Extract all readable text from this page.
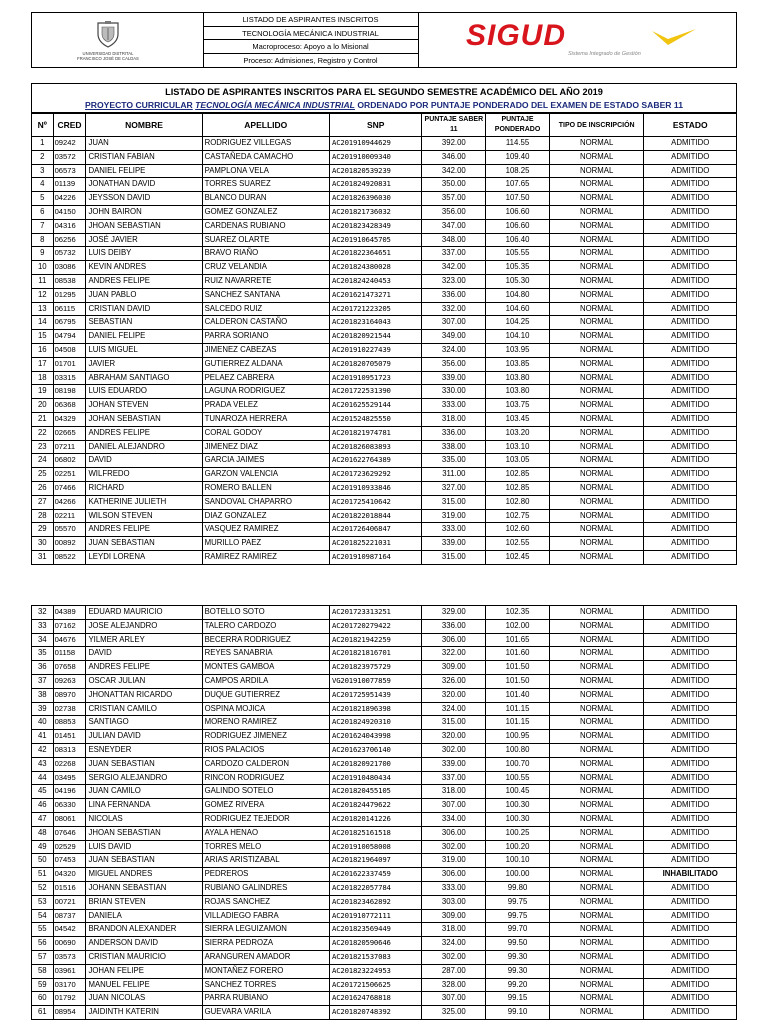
UNIVERSIDAD DISTRITAL FRANCISCO JOSÉ DE CALDAS
LISTADO DE ASPIRANTES INSCRITOS
TECNOLOGÍA MECÁNICA INDUSTRIAL
Macroproceso: Apoyo a lo Misional
Proceso: Admisiones, Registro y Control
SIGUD
Sistema Integrado de Gestión
LISTADO DE ASPIRANTES INSCRITOS PARA EL SEGUNDO SEMESTRE ACADÉMICO DEL AÑO 2019
PROYECTO CURRICULAR TECNOLOGÍA MECÁNICA INDUSTRIAL ORDENADO POR PUNTAJE PONDERADO DEL EXAMEN DE ESTADO SABER 11
Nº	CRED	NOMBRE	APELLIDO	SNP	PUNTAJE SABER 11	PUNTAJE PONDERADO	TIPO DE INSCRIPCIÓN	ESTADO
1	09242	JUAN	RODRIGUEZ VILLEGAS	AC201910944629	392.00	114.55	NORMAL	ADMITIDO
2	03572	CRISTIAN FABIAN	CASTAÑEDA CAMACHO	AC201910009340	346.00	109.40	NORMAL	ADMITIDO
3	06573	DANIEL FELIPE	PAMPLONA VELA	AC201820539239	342.00	108.25	NORMAL	ADMITIDO
4	01139	JONATHAN DAVID	TORRES SUAREZ	AC201824920831	350.00	107.65	NORMAL	ADMITIDO
5	04226	JEYSSON DAVID	BLANCO DURAN	AC201826396030	357.00	107.50	NORMAL	ADMITIDO
6	04150	JOHN BAIRON	GOMEZ GONZALEZ	AC201821736032	356.00	106.60	NORMAL	ADMITIDO
7	04316	JHOAN SEBASTIAN	CARDENAS RUBIANO	AC201823428349	347.00	106.60	NORMAL	ADMITIDO
8	06256	JOSÉ JAVIER	SUAREZ OLARTE	AC201910645705	348.00	106.40	NORMAL	ADMITIDO
9	05732	LUIS DEIBY	BRAVO RIAÑO	AC201822364651	337.00	105.55	NORMAL	ADMITIDO
10	03086	KEVIN ANDRES	CRUZ VELANDIA	AC201824380028	342.00	105.35	NORMAL	ADMITIDO
11	08538	ANDRES FELIPE	RUIZ NAVARRETE	AC201824240453	323.00	105.30	NORMAL	ADMITIDO
12	01295	JUAN PABLO	SANCHEZ SANTANA	AC201621473271	336.00	104.80	NORMAL	ADMITIDO
13	06115	CRISTIAN DAVID	SALCEDO RUIZ	AC201721223205	332.00	104.60	NORMAL	ADMITIDO
14	06795	SEBASTIAN	CALDERON CASTAÑO	AC201823164043	307.00	104.25	NORMAL	ADMITIDO
15	04794	DANIEL FELIPE	PARRA SORIANO	AC201820921544	349.00	104.10	NORMAL	ADMITIDO
16	04508	LUIS MIGUEL	JIMENEZ CABEZAS	AC201910227439	324.00	103.95	NORMAL	ADMITIDO
17	01701	JAVIER	GUTIERREZ ALDANA	AC201820705079	356.00	103.85	NORMAL	ADMITIDO
18	03315	ABRAHAM SANTIAGO	PELAEZ CABRERA	AC201910951723	339.00	103.80	NORMAL	ADMITIDO
19	08198	LUIS EDUARDO	LAGUNA RODRIGUEZ	AC201722531390	330.00	103.80	NORMAL	ADMITIDO
20	06368	JOHAN STEVEN	PRADA VELEZ	AC201625529144	333.00	103.75	NORMAL	ADMITIDO
21	04329	JOHAN SEBASTIAN	TUNAROZA HERRERA	AC201524825550	318.00	103.45	NORMAL	ADMITIDO
22	02665	ANDRES FELIPE	CORAL GODOY	AC201821974781	336.00	103.20	NORMAL	ADMITIDO
23	07211	DANIEL ALEJANDRO	JIMENEZ DIAZ	AC201826083893	338.00	103.10	NORMAL	ADMITIDO
24	06802	DAVID	GARCIA JAIMES	AC201622764389	335.00	103.05	NORMAL	ADMITIDO
25	02251	WILFREDO	GARZON VALENCIA	AC201723629292	311.00	102.85	NORMAL	ADMITIDO
26	07466	RICHARD	ROMERO BALLEN	AC201910933846	327.00	102.85	NORMAL	ADMITIDO
27	04266	KATHERINE JULIETH	SANDOVAL CHAPARRO	AC201725410642	315.00	102.80	NORMAL	ADMITIDO
28	02211	WILSON STEVEN	DIAZ GONZALEZ	AC201822018844	319.00	102.75	NORMAL	ADMITIDO
29	05570	ANDRES FELIPE	VASQUEZ RAMIREZ	AC201726406847	333.00	102.60	NORMAL	ADMITIDO
30	00892	JUAN SEBASTIAN	MURILLO PAEZ	AC201825221031	339.00	102.55	NORMAL	ADMITIDO
31	08522	LEYDI LORENA	RAMIREZ RAMIREZ	AC201910987164	315.00	102.45	NORMAL	ADMITIDO
32	04389	EDUARD MAURICIO	BOTELLO SOTO	AC201723313251	329.00	102.35	NORMAL	ADMITIDO
33	07162	JOSE ALEJANDRO	TALERO CARDOZO	AC201720279422	336.00	102.00	NORMAL	ADMITIDO
34	04676	YILMER ARLEY	BECERRA RODRIGUEZ	AC201821942259	306.00	101.65	NORMAL	ADMITIDO
35	01158	DAVID	REYES SANABRIA	AC201821816701	322.00	101.60	NORMAL	ADMITIDO
36	07658	ANDRES FELIPE	MONTES GAMBOA	AC201823975729	309.00	101.50	NORMAL	ADMITIDO
37	09263	OSCAR JULIAN	CAMPOS ARDILA	VG201910077859	326.00	101.50	NORMAL	ADMITIDO
38	08970	JHONATTAN RICARDO	DUQUE GUTIERREZ	AC201725951439	320.00	101.40	NORMAL	ADMITIDO
39	02738	CRISTIAN CAMILO	OSPINA MOJICA	AC201821896398	324.00	101.15	NORMAL	ADMITIDO
40	08853	SANTIAGO	MORENO RAMIREZ	AC201824920310	315.00	101.15	NORMAL	ADMITIDO
41	01451	JULIAN DAVID	RODRIGUEZ JIMENEZ	AC201624043998	320.00	100.95	NORMAL	ADMITIDO
42	08313	ESNEYDER	RIOS PALACIOS	AC201623706140	302.00	100.80	NORMAL	ADMITIDO
43	02268	JUAN SEBASTIAN	CARDOZO CALDERON	AC201820921700	339.00	100.70	NORMAL	ADMITIDO
44	03495	SERGIO ALEJANDRO	RINCON RODRIGUEZ	AC201910480434	337.00	100.55	NORMAL	ADMITIDO
45	04196	JUAN CAMILO	GALINDO SOTELO	AC201820455105	318.00	100.45	NORMAL	ADMITIDO
46	06330	LINA FERNANDA	GOMEZ RIVERA	AC201824479622	307.00	100.30	NORMAL	ADMITIDO
47	08061	NICOLAS	RODRIGUEZ TEJEDOR	AC201820141226	334.00	100.30	NORMAL	ADMITIDO
48	07646	JHOAN SEBASTIAN	AYALA HENAO	AC201825161518	306.00	100.25	NORMAL	ADMITIDO
49	02529	LUIS DAVID	TORRES MELO	AC201910058008	302.00	100.20	NORMAL	ADMITIDO
50	07453	JUAN SEBASTIAN	ARIAS ARISTIZABAL	AC201821964097	319.00	100.10	NORMAL	ADMITIDO
51	04320	MIGUEL ANDRES	PEDREROS	AC201622337459	306.00	100.00	NORMAL	INHABILITADO
52	01516	JOHANN SEBASTIAN	RUBIANO GALINDRES	AC201822057784	333.00	99.80	NORMAL	ADMITIDO
53	00721	BRIAN STEVEN	ROJAS SANCHEZ	AC201823462892	303.00	99.75	NORMAL	ADMITIDO
54	08737	DANIELA	VILLADIEGO FABRA	AC201910772111	309.00	99.75	NORMAL	ADMITIDO
55	04542	BRANDON ALEXANDER	SIERRA LEGUIZAMON	AC201823569449	318.00	99.70	NORMAL	ADMITIDO
56	00690	ANDERSON DAVID	SIERRA PEDROZA	AC201820590646	324.00	99.50	NORMAL	ADMITIDO
57	03573	CRISTIAN MAURICIO	ARANGUREN AMADOR	AC201821537083	302.00	99.30	NORMAL	ADMITIDO
58	03961	JOHAN FELIPE	MONTAÑEZ FORERO	AC201823224953	287.00	99.30	NORMAL	ADMITIDO
59	03170	MANUEL FELIPE	SANCHEZ TORRES	AC201721506625	328.00	99.20	NORMAL	ADMITIDO
60	01792	JUAN NICOLAS	PARRA RUBIANO	AC201624768818	307.00	99.15	NORMAL	ADMITIDO
61	08954	JAIDINTH KATERIN	GUEVARA VARILA	AC201820748392	325.00	99.10	NORMAL	ADMITIDO
